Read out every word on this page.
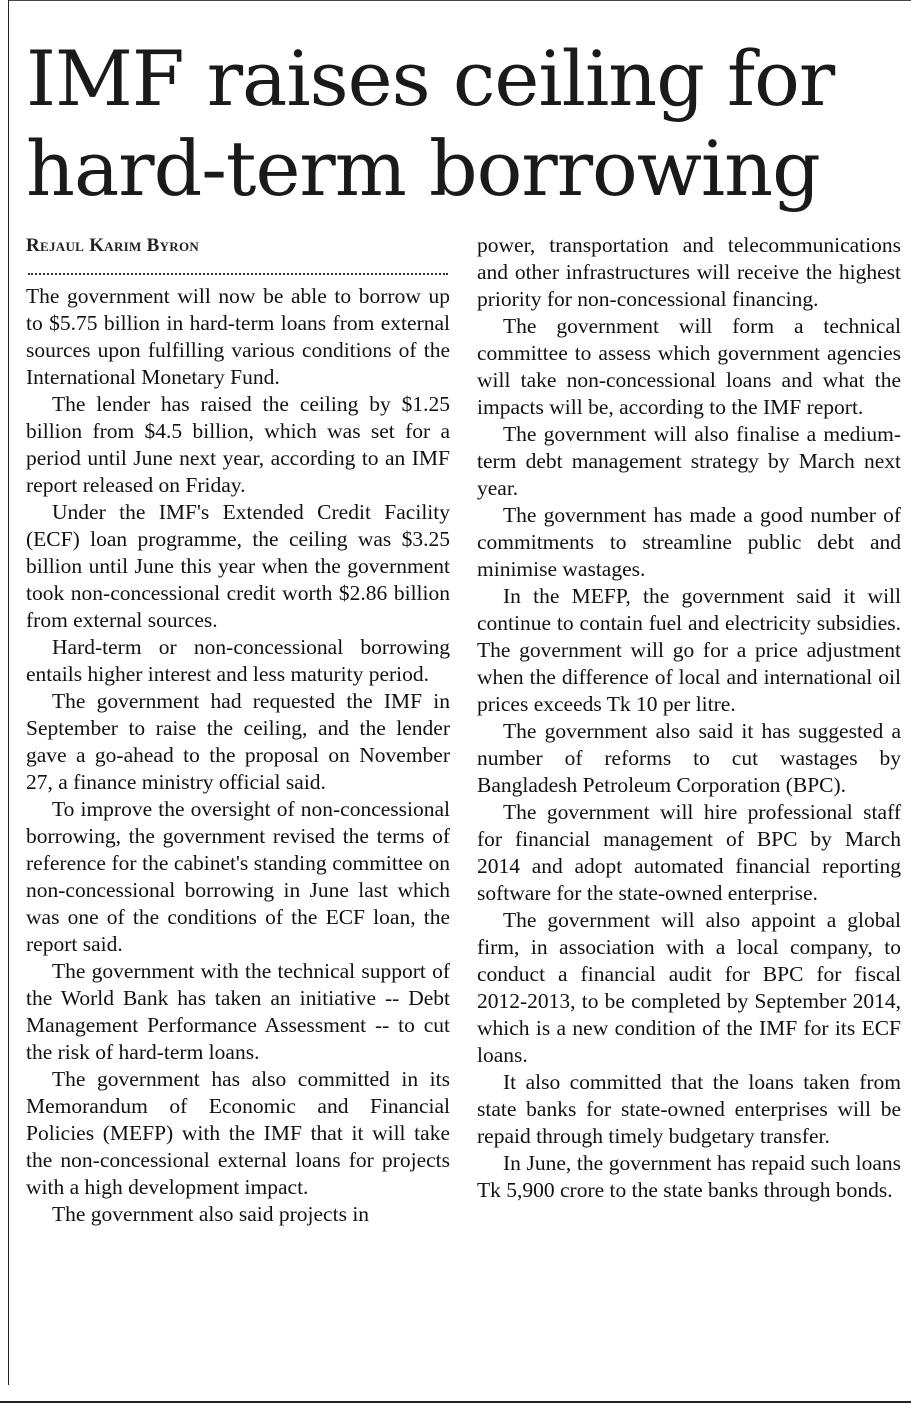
IMF raises ceiling for hard-term borrowing
Rejaul Karim Byron

The government will now be able to borrow up to $5.75 billion in hard-term loans from external sources upon fulfilling various conditions of the International Monetary Fund.

The lender has raised the ceiling by $1.25 billion from $4.5 billion, which was set for a period until June next year, according to an IMF report released on Friday.

Under the IMF's Extended Credit Facility (ECF) loan programme, the ceiling was $3.25 billion until June this year when the government took non-concessional credit worth $2.86 billion from external sources.

Hard-term or non-concessional borrowing entails higher interest and less maturity period.

The government had requested the IMF in September to raise the ceiling, and the lender gave a go-ahead to the proposal on November 27, a finance ministry official said.

To improve the oversight of non-concessional borrowing, the government revised the terms of reference for the cabinet's standing committee on non-concessional borrowing in June last which was one of the conditions of the ECF loan, the report said.

The government with the technical support of the World Bank has taken an initiative -- Debt Management Performance Assessment -- to cut the risk of hard-term loans.

The government has also committed in its Memorandum of Economic and Financial Policies (MEFP) with the IMF that it will take the non-concessional external loans for projects with a high development impact.

The government also said projects in

power, transportation and telecommunications and other infrastructures will receive the highest priority for non-concessional financing.

The government will form a technical committee to assess which government agencies will take non-concessional loans and what the impacts will be, according to the IMF report.

The government will also finalise a medium-term debt management strategy by March next year.

The government has made a good number of commitments to streamline public debt and minimise wastages.

In the MEFP, the government said it will continue to contain fuel and electricity subsidies. The government will go for a price adjustment when the difference of local and international oil prices exceeds Tk 10 per litre.

The government also said it has suggested a number of reforms to cut wastages by Bangladesh Petroleum Corporation (BPC).

The government will hire professional staff for financial management of BPC by March 2014 and adopt automated financial reporting software for the state-owned enterprise.

The government will also appoint a global firm, in association with a local company, to conduct a financial audit for BPC for fiscal 2012-2013, to be completed by September 2014, which is a new condition of the IMF for its ECF loans.

It also committed that the loans taken from state banks for state-owned enterprises will be repaid through timely budgetary transfer.

In June, the government has repaid such loans Tk 5,900 crore to the state banks through bonds.
